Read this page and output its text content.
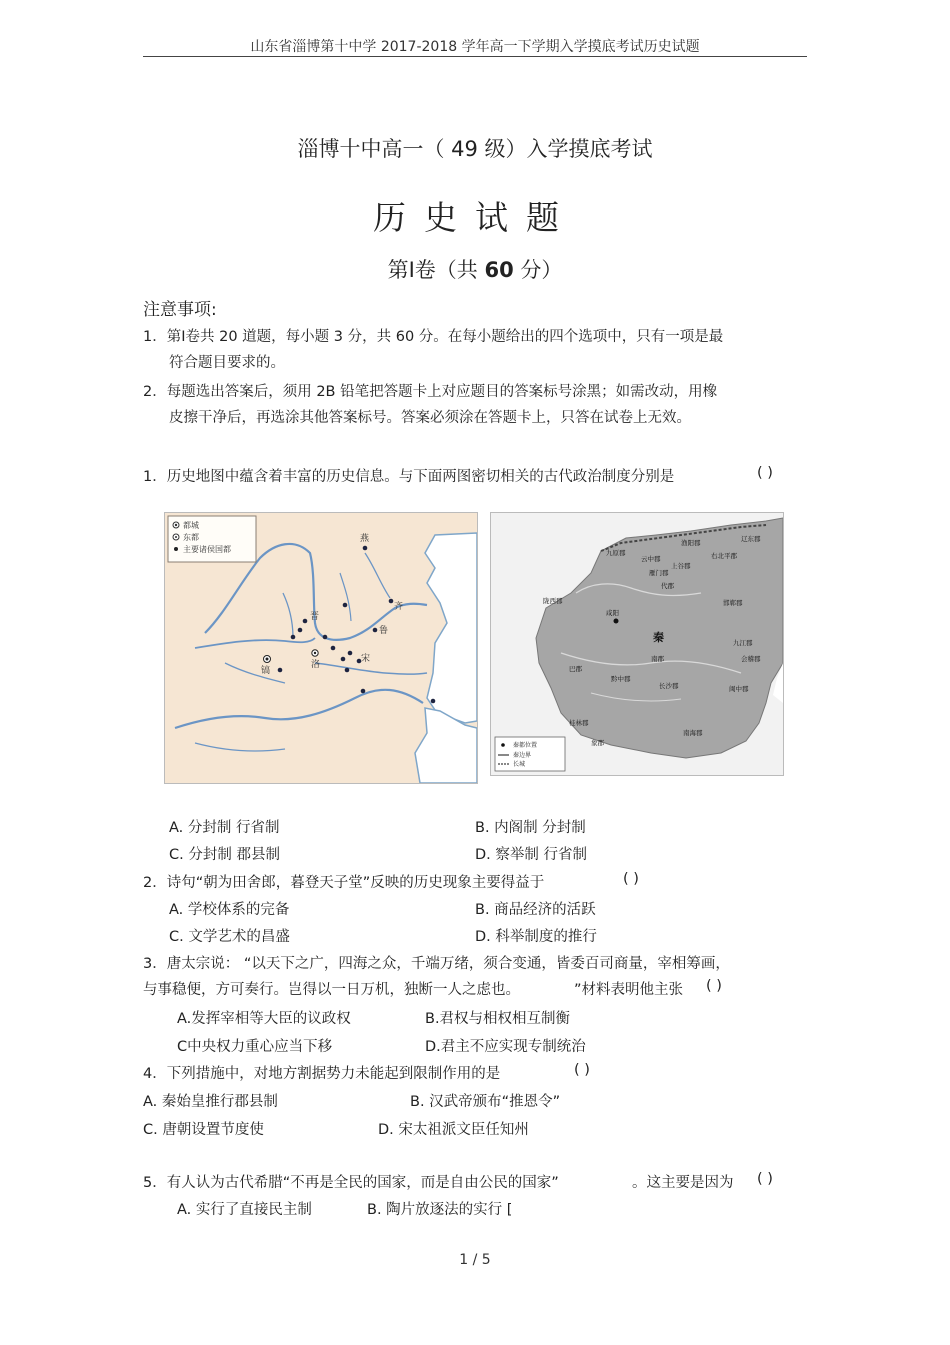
山东省淄博第十中学 2017-2018 学年高一下学期入学摸底考试历史试题
淄博十中高一（ 49 级）入学摸底考试
历史试题
第Ⅰ卷（共 60 分）
注意事项:
1．第Ⅰ卷共 20 道题，每小题 3 分，共 60 分。在每小题给出的四个选项中，只有一项是最
符合题目要求的。
2．每题选出答案后，须用 2B 铅笔把答题卡上对应题目的答案标号涂黑；如需改动，用橡
皮擦干净后，再选涂其他答案标号。答案必须涂在答题卡上，只答在试卷上无效。
1．历史地图中蕴含着丰富的历史信息。与下面两图密切相关的古代政治制度分别是	( )
都城
东都
主要诸侯国都
燕
齐
晋
鲁
洛
宋
镐
九原郡
渔阳郡	辽东郡
云中郡
雁门郡
代郡
上谷郡
右北平郡
邯郸郡
咸阳
陇西郡
秦
巴郡
南郡
九江郡
会稽郡
黔中郡
长沙郡	闽中郡
桂林郡
南海郡
象郡
秦都位置
秦边界
长城
A. 分封制 行省制	B. 内阁制 分封制
C. 分封制 郡县制	D. 察举制 行省制
2．诗句“朝为田舍郎，暮登天子堂”反映的历史现象主要得益于	( )
A. 学校体系的完备	B. 商品经济的活跃
C. 文学艺术的昌盛	D. 科举制度的推行
3．唐太宗说： “以天下之广，四海之众，千端万绪，须合变通，皆委百司商量，宰相筹画，
与事稳便，方可奏行。岂得以一日万机，独断一人之虑也。	”材料表明他主张 ( )
A.发挥宰相等大臣的议政权	B.君权与相权相互制衡
C中央权力重心应当下移	D.君主不应实现专制统治
4．下列措施中，对地方割据势力未能起到限制作用的是	( )
A. 秦始皇推行郡县制	B. 汉武帝颁布“推恩令”
C. 唐朝设置节度使	D. 宋太祖派文臣任知州
5．有人认为古代希腊“不再是全民的国家，而是自由公民的国家”	。这主要是因为 ( )
A. 实行了直接民主制	B. 陶片放逐法的实行 [
1 / 5
